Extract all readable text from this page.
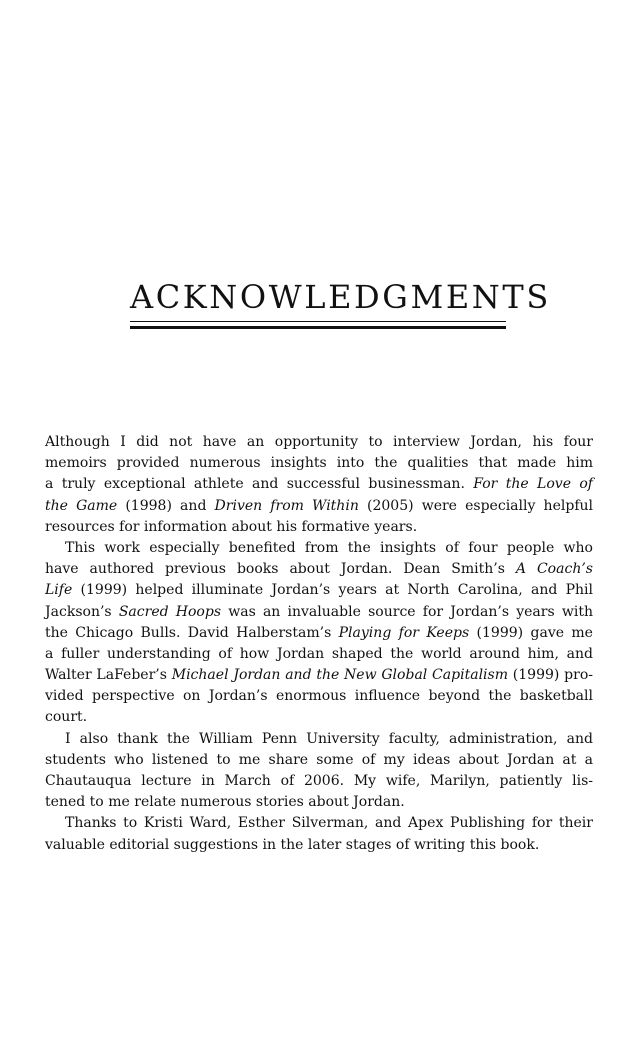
ACKNOWLEDGMENTS
Although I did not have an opportunity to interview Jordan, his four
memoirs provided numerous insights into the qualities that made him
a truly exceptional athlete and successful businessman. For the Love of
the Game (1998) and Driven from Within (2005) were especially helpful
resources for information about his formative years.
This work especially benefited from the insights of four people who
have authored previous books about Jordan. Dean Smith’s A Coach’s
Life (1999) helped illuminate Jordan’s years at North Carolina, and Phil
Jackson’s Sacred Hoops was an invaluable source for Jordan’s years with
the Chicago Bulls. David Halberstam’s Playing for Keeps (1999) gave me
a fuller understanding of how Jordan shaped the world around him, and
Walter LaFeber’s Michael Jordan and the New Global Capitalism (1999) pro-
vided perspective on Jordan’s enormous influence beyond the basketball
court.
I also thank the William Penn University faculty, administration, and
students who listened to me share some of my ideas about Jordan at a
Chautauqua lecture in March of 2006. My wife, Marilyn, patiently lis-
tened to me relate numerous stories about Jordan.
Thanks to Kristi Ward, Esther Silverman, and Apex Publishing for their
valuable editorial suggestions in the later stages of writing this book.
